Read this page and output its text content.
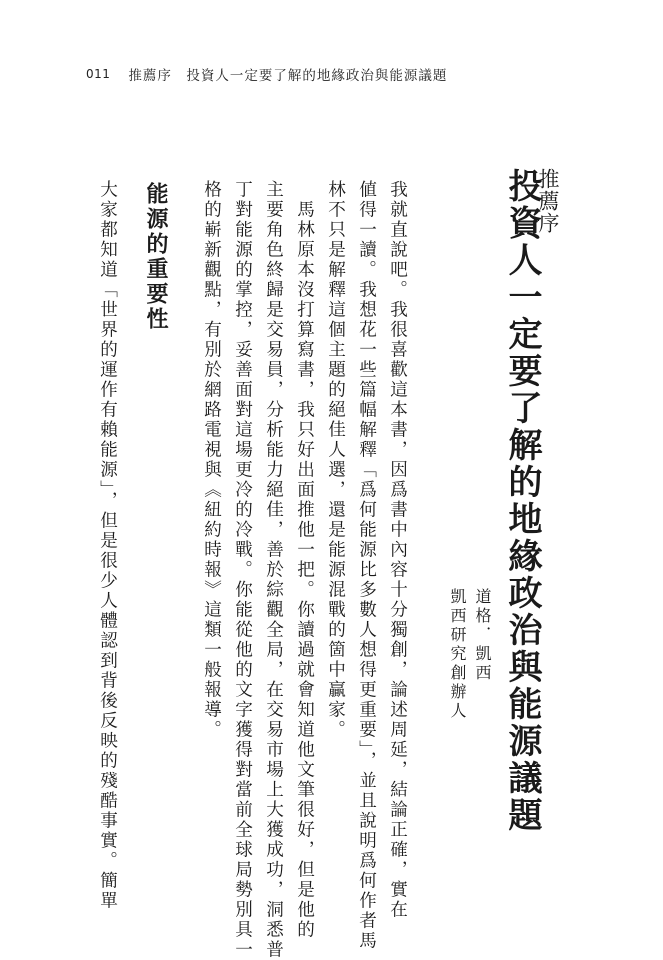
011 推薦序　投資人一定要了解的地緣政治與能源議題
推薦序
投資人一定要了解的地緣政治與能源議題
道格．凱西
凱西研究創辦人
我就直說吧。我很喜歡這本書，因爲書中內容十分獨創，論述周延，結論正確，實在
値得一讀。我想花一些篇幅解釋「爲何能源比多數人想得更重要」，並且說明爲何作者馬
林不只是解釋這個主題的絕佳人選，還是能源混戰的箇中贏家。
　馬林原本沒打算寫書，我只好出面推他一把。你讀過就會知道他文筆很好，但是他的
主要角色終歸是交易員，分析能力絕佳，善於綜觀全局，在交易市場上大獲成功，洞悉普
丁對能源的掌控，妥善面對這場更冷的冷戰。你能從他的文字獲得對當前全球局勢別具一
格的嶄新觀點，有別於網路電視與《紐約時報》這類一般報導。
能源的重要性
大家都知道「世界的運作有賴能源」，但是很少人體認到背後反映的殘酷事實。簡單
